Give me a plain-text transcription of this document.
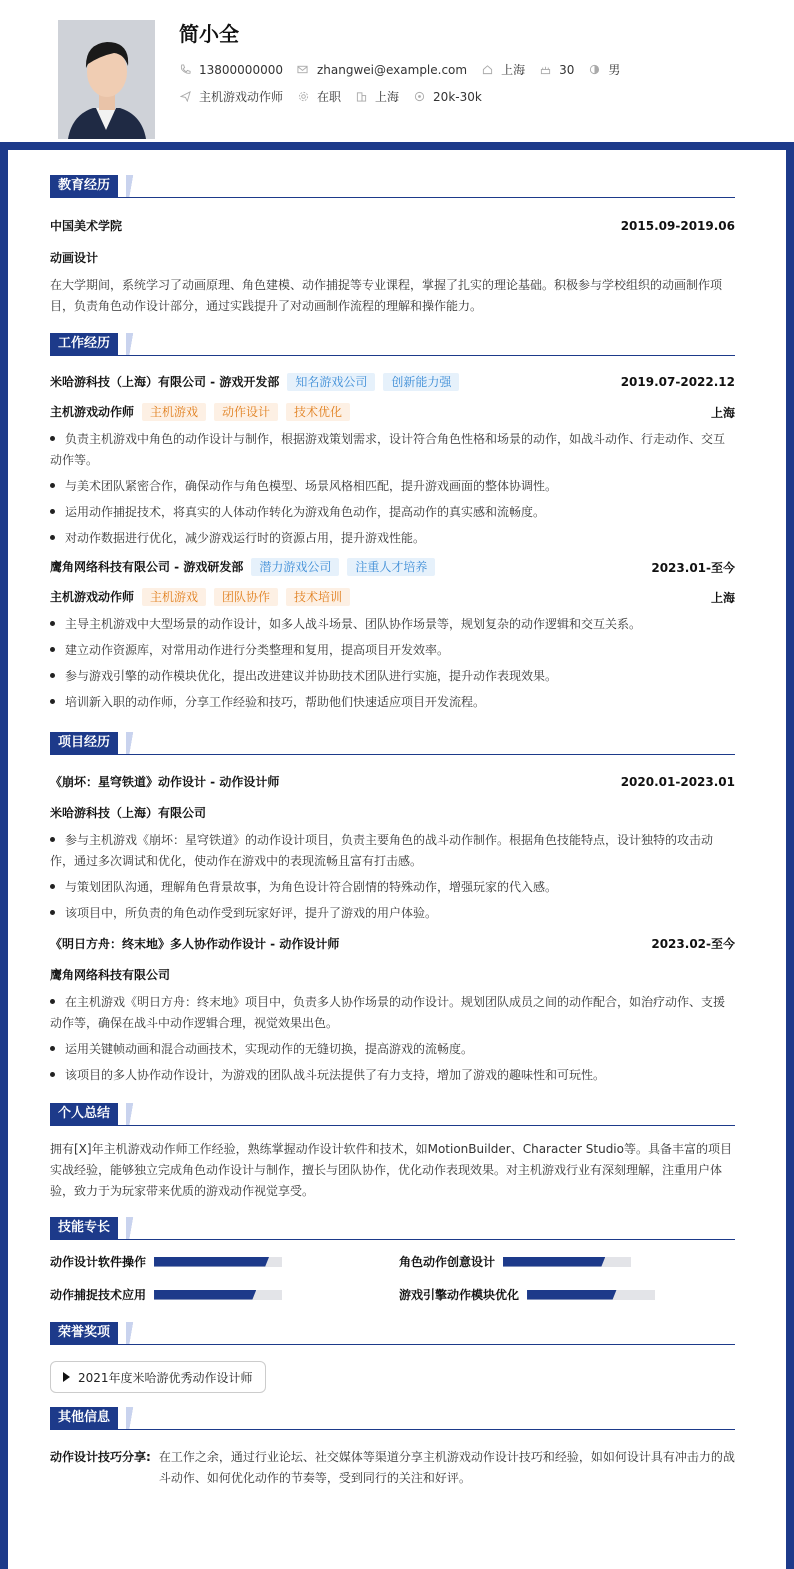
简小全
13800000000	zhangwei@example.com	上海	30	男
主机游戏动作师	在职	上海	20k-30k
教育经历
中国美术学院	2015.09-2019.06
动画设计
在大学期间，系统学习了动画原理、角色建模、动作捕捉等专业课程，掌握了扎实的理论基础。积极参与学校组织的动画制作项目，负责角色动作设计部分，通过实践提升了对动画制作流程的理解和操作能力。
工作经历
米哈游科技（上海）有限公司 - 游戏开发部 知名游戏公司 创新能力强	2019.07-2022.12
主机游戏动作师 主机游戏 动作设计 技术优化	上海
负责主机游戏中角色的动作设计与制作，根据游戏策划需求，设计符合角色性格和场景的动作，如战斗动作、行走动作、交互动作等。
与美术团队紧密合作，确保动作与角色模型、场景风格相匹配，提升游戏画面的整体协调性。
运用动作捕捉技术，将真实的人体动作转化为游戏角色动作，提高动作的真实感和流畅度。
对动作数据进行优化，减少游戏运行时的资源占用，提升游戏性能。
鹰角网络科技有限公司 - 游戏研发部 潜力游戏公司 注重人才培养	2023.01-至今
主机游戏动作师 主机游戏 团队协作 技术培训	上海
主导主机游戏中大型场景的动作设计，如多人战斗场景、团队协作场景等，规划复杂的动作逻辑和交互关系。
建立动作资源库，对常用动作进行分类整理和复用，提高项目开发效率。
参与游戏引擎的动作模块优化，提出改进建议并协助技术团队进行实施，提升动作表现效果。
培训新入职的动作师，分享工作经验和技巧，帮助他们快速适应项目开发流程。
项目经历
《崩坏：星穹铁道》动作设计 - 动作设计师	2020.01-2023.01
米哈游科技（上海）有限公司
参与主机游戏《崩坏：星穹铁道》的动作设计项目，负责主要角色的战斗动作制作。根据角色技能特点，设计独特的攻击动作，通过多次调试和优化，使动作在游戏中的表现流畅且富有打击感。
与策划团队沟通，理解角色背景故事，为角色设计符合剧情的特殊动作，增强玩家的代入感。
该项目中，所负责的角色动作受到玩家好评，提升了游戏的用户体验。
《明日方舟：终末地》多人协作动作设计 - 动作设计师	2023.02-至今
鹰角网络科技有限公司
在主机游戏《明日方舟：终末地》项目中，负责多人协作场景的动作设计。规划团队成员之间的动作配合，如治疗动作、支援动作等，确保在战斗中动作逻辑合理，视觉效果出色。
运用关键帧动画和混合动画技术，实现动作的无缝切换，提高游戏的流畅度。
该项目的多人协作动作设计，为游戏的团队战斗玩法提供了有力支持，增加了游戏的趣味性和可玩性。
个人总结
拥有[X]年主机游戏动作师工作经验，熟练掌握动作设计软件和技术，如MotionBuilder、Character Studio等。具备丰富的项目实战经验，能够独立完成角色动作设计与制作，擅长与团队协作，优化动作表现效果。对主机游戏行业有深刻理解，注重用户体验，致力于为玩家带来优质的游戏动作视觉享受。
技能专长
动作设计软件操作	角色动作创意设计
动作捕捉技术应用	游戏引擎动作模块优化
荣誉奖项
2021年度米哈游优秀动作设计师
其他信息
动作设计技巧分享: 在工作之余，通过行业论坛、社交媒体等渠道分享主机游戏动作设计技巧和经验，如如何设计具有冲击力的战斗动作、如何优化动作的节奏等，受到同行的关注和好评。
